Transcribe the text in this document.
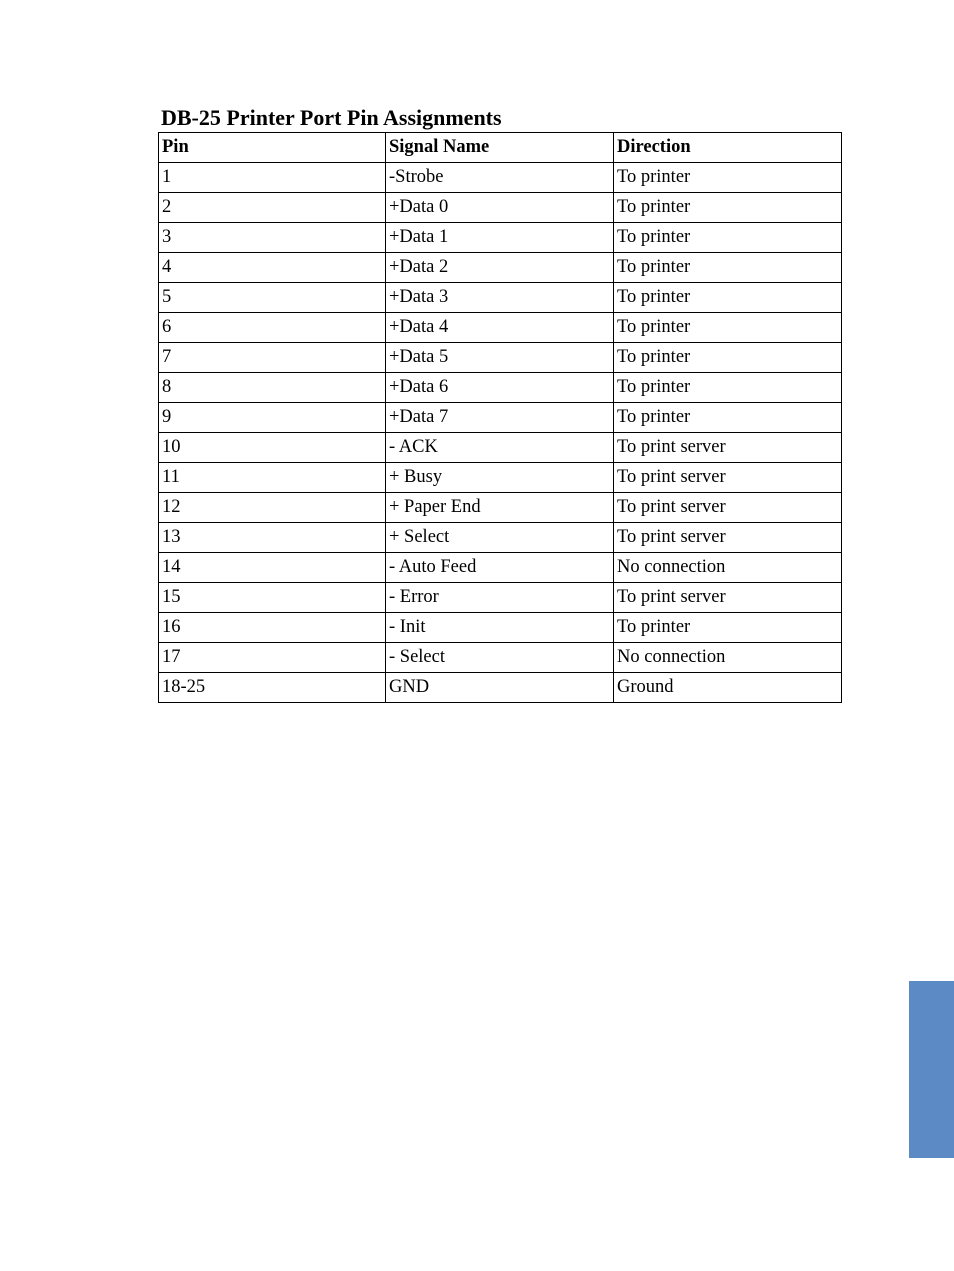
DB-25 Printer Port Pin Assignments
Pin	Signal Name	Direction
1	-Strobe	To printer
2	+Data 0	To printer
3	+Data 1	To printer
4	+Data 2	To printer
5	+Data 3	To printer
6	+Data 4	To printer
7	+Data 5	To printer
8	+Data 6	To printer
9	+Data 7	To printer
10	- ACK	To print server
11	+ Busy	To print server
12	+ Paper End	To print server
13	+ Select	To print server
14	- Auto Feed	No connection
15	- Error	To print server
16	- Init	To printer
17	- Select	No connection
18-25	GND	Ground
